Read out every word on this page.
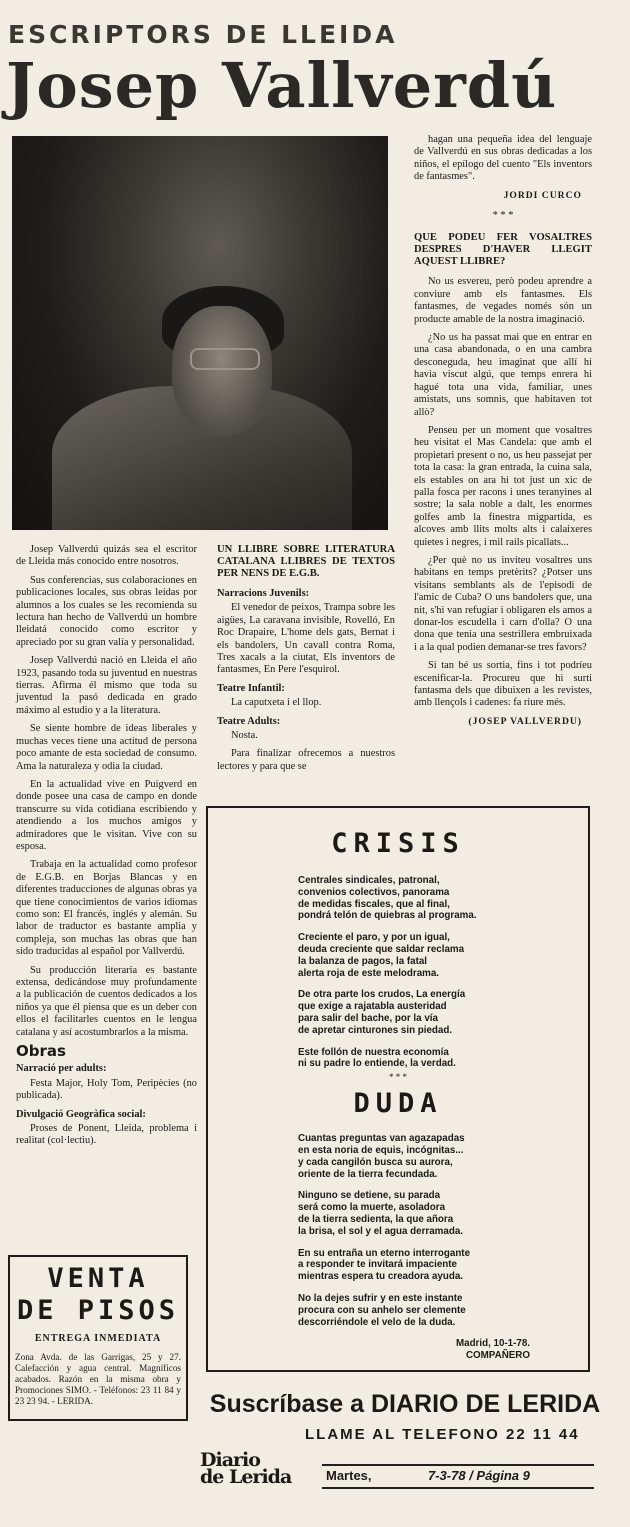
ESCRIPTORS DE LLEIDA
Josep Vallverdú

Josep Vallverdú quizás sea el escritor de Lleida más conocido entre nosotros.

Sus conferencias, sus colaboraciones en publicaciones locales, sus obras leídas por alumnos a los cuales se les recomienda su lectura han hecho de Vallverdú un hombre lleidatá conocido como escritor y apreciado por su gran valía y personalidad.

Josep Vallverdú nació en Lleida el año 1923, pasando toda su juventud en nuestras tierras. Afirma él mismo que toda su juventud la pasó dedicada en grado máximo al estudio y a la literatura.

Se siente hombre de ideas liberales y muchas veces tiene una actitud de persona poco amante de esta sociedad de consumo. Ama la naturaleza y odia la ciudad.

En la actualidad vive en Puigverd en donde posee una casa de campo en donde transcurre su vida cotidiana escribiendo y atendiendo a los muchos amigos y admiradores que le visitan. Vive con su esposa.

Trabaja en la actualidad como profesor de E.G.B. en Borjas Blancas y en diferentes traducciones de algunas obras ya que tiene conocimientos de varios idiomas como son: El francés, inglés y alemán. Su labor de traductor es bastante amplia y compleja, son muchas las obras que han sido traducidas al español por Vallverdú.

Su producción literaria es bastante extensa, dedicándose muy profundamente a la publicación de cuentos dedicados a los niños ya que él piensa que es un deber con ellos el facilitarles cuentos en le lengua catalana y así acostumbrarlos a la misma.

Obras
Narració per adults:

Festa Major, Holy Tom, Peripècies (no publicada).

Divulgació Geogràfica social:

Proses de Ponent, Lleida, problema i realitat (col·lectiu).

VENTA
DE PISOS
ENTREGA INMEDIATA
Zona Avda. de las Garrigas, 25 y 27. Calefacción y agua central. Magníficos acabados. Razón en la misma obra y Promociones SIMO. - Teléfonos: 23 11 84 y 23 23 94. - LERIDA.
UN LLIBRE SOBRE LITERATURA CATALANA LLIBRES DE TEXTOS PER NENS DE E.G.B.
Narracions Juvenils:

El venedor de peixos, Trampa sobre les aigües, La caravana invisible, Rovelló, En Roc Drapaire, L'home dels gats, Bernat i els bandolers, Un cavall contra Roma, Tres xacals a la ciutat, Els inventors de fantasmes, En Pere l'esquirol.

Teatre Infantil:

La caputxeta i el llop.

Teatre Adults:

Nosta.

Para finalizar ofrecemos a nuestros lectores y para que se

hagan una pequeña idea del lenguaje de Vallverdú en sus obras dedicadas a los niños, el epílogo del cuento "Els inventors de fantasmes".

JORDI CURCO
* * *
QUE PODEU FER VOSALTRES DESPRES D'HAVER LLEGIT AQUEST LLIBRE?

No us esvereu, però podeu aprendre a conviure amb els fantasmes. Els fantasmes, de vegades només són un producte amable de la nostra imaginació.

¿No us ha passat mai que en entrar en una casa abandonada, o en una cambra desconeguda, heu imaginat que allí hi havia viscut algú, que temps enrera hi hagué tota una vida, familiar, unes amistats, uns somnis, que habitaven tot allò?

Penseu per un moment que vosaltres heu visitat el Mas Candela: que amb el propietari present o no, us heu passejat per tota la casa: la gran entrada, la cuina sala, els estables on ara hi tot just un xic de palla fosca per racons i unes teranyines al sostre; la sala noble a dalt, les enormes golfes amb la finestra migpartida, es alcoves amb llits molts alts i calaixeres quietes i negres, i mil rails picallats...

¿Per què no us inviteu vosaltres uns habitans en temps pretèrits? ¿Potser uns visitans semblants als de l'episodi de l'amic de Cuba? O uns bandolers que, una nit, s'hi van refugiar i obligaren els amos a donar-los escudella i carn d'olla? O una dona que tenia una sestrillera embruixada i a la qual podien demanar-se tres favors?

Si tan bé us sortia, fins i tot podríeu escenificar-la. Procureu que hi surti fantasma dels que dibuixen a les revistes, amb llençols i cadenes: fa riure més.

(JOSEP VALLVERDU)
CRISIS
Centrales sindicales, patronal,
convenios colectivos, panorama
de medidas fiscales, que al final,
pondrá telón de quiebras al programa.
Creciente el paro, y por un igual,
deuda creciente que saldar reclama
la balanza de pagos, la fatal
alerta roja de este melodrama.
De otra parte los crudos, La energía
que exige a rajatabla austeridad
para salir del bache, por la vía
de apretar cinturones sin piedad.
Este follón de nuestra economía
ni su padre lo entiende, la verdad.
* * *
DUDA
Cuantas preguntas van agazapadas
en esta noria de equis, incógnitas...
y cada cangilón busca su aurora,
oriente de la tierra fecundada.
Ninguno se detiene, su parada
será como la muerte, asoladora
de la tierra sedienta, la que añora
la brisa, el sol y el agua derramada.
En su entraña un eterno interrogante
a responder te invitará impaciente
mientras espera tu creadora ayuda.
No la dejes sufrir y en este instante
procura con su anhelo ser clemente
descorriéndole el velo de la duda.
Madrid, 10-1-78.
COMPAÑERO
Suscríbase a DIARIO DE LERIDA
LLAME AL TELEFONO 22 11 44
Diario
de Lerida	Martes,	7-3-78 / Página 9
